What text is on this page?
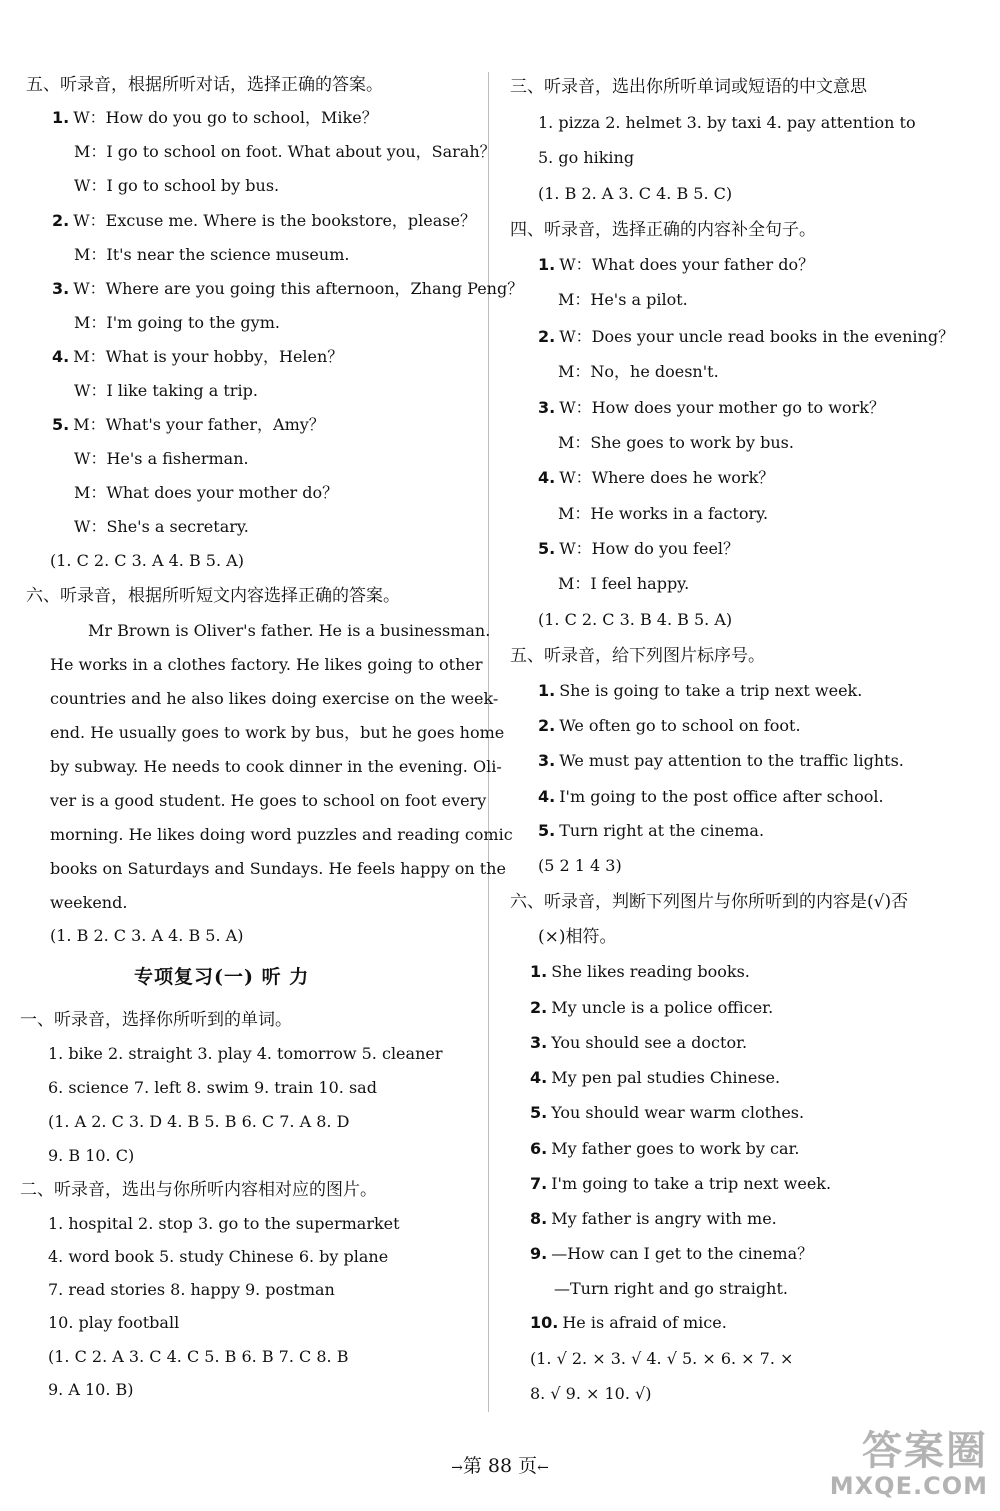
五、听录音，根据所听对话，选择正确的答案。
1. W：How do you go to school，Mike？
M：I go to school on foot. What about you，Sarah？
W：I go to school by bus.
2. W：Excuse me. Where is the bookstore，please？
M：It's near the science museum.
3. W：Where are you going this afternoon，Zhang Peng？
M：I'm going to the gym.
4. M：What is your hobby，Helen？
W：I like taking a trip.
5. M：What's your father，Amy？
W：He's a fisherman.
M：What does your mother do？
W：She's a secretary.
(1. C 2. C 3. A 4. B 5. A)
六、听录音，根据所听短文内容选择正确的答案。
Mr Brown is Oliver's father. He is a businessman.
He works in a clothes factory. He likes going to other
countries and he also likes doing exercise on the week-
end. He usually goes to work by bus，but he goes home
by subway. He needs to cook dinner in the evening. Oli-
ver is a good student. He goes to school on foot every
morning. He likes doing word puzzles and reading comic
books on Saturdays and Sundays. He feels happy on the
weekend.
(1. B 2. C 3. A 4. B 5. A)
专项复习(一) 听 力
一、听录音，选择你所听到的单词。
1. bike 2. straight 3. play 4. tomorrow 5. cleaner
6. science 7. left 8. swim 9. train 10. sad
(1. A 2. C 3. D 4. B 5. B 6. C 7. A 8. D
9. B 10. C)
二、听录音，选出与你所听内容相对应的图片。
1. hospital 2. stop 3. go to the supermarket
4. word book 5. study Chinese 6. by plane
7. read stories 8. happy 9. postman
10. play football
(1. C 2. A 3. C 4. C 5. B 6. B 7. C 8. B
9. A 10. B)
三、听录音，选出你所听单词或短语的中文意思
1. pizza 2. helmet 3. by taxi 4. pay attention to
5. go hiking
(1. B 2. A 3. C 4. B 5. C)
四、听录音，选择正确的内容补全句子。
1. W：What does your father do？
M：He's a pilot.
2. W：Does your uncle read books in the evening？
M：No，he doesn't.
3. W：How does your mother go to work？
M：She goes to work by bus.
4. W：Where does he work？
M：He works in a factory.
5. W：How do you feel？
M：I feel happy.
(1. C 2. C 3. B 4. B 5. A)
五、听录音，给下列图片标序号。
1. She is going to take a trip next week.
2. We often go to school on foot.
3. We must pay attention to the traffic lights.
4. I'm going to the post office after school.
5. Turn right at the cinema.
(5 2 1 4 3)
六、听录音，判断下列图片与你所听到的内容是(√)否
(×)相符。
1. She likes reading books.
2. My uncle is a police officer.
3. You should see a doctor.
4. My pen pal studies Chinese.
5. You should wear warm clothes.
6. My father goes to work by car.
7. I'm going to take a trip next week.
8. My father is angry with me.
9. —How can I get to the cinema？
—Turn right and go straight.
10. He is afraid of mice.
(1. √ 2. × 3. √ 4. √ 5. × 6. × 7. ×
8. √ 9. × 10. √)
→第 88 页←	答案圈
MXQE.COM
